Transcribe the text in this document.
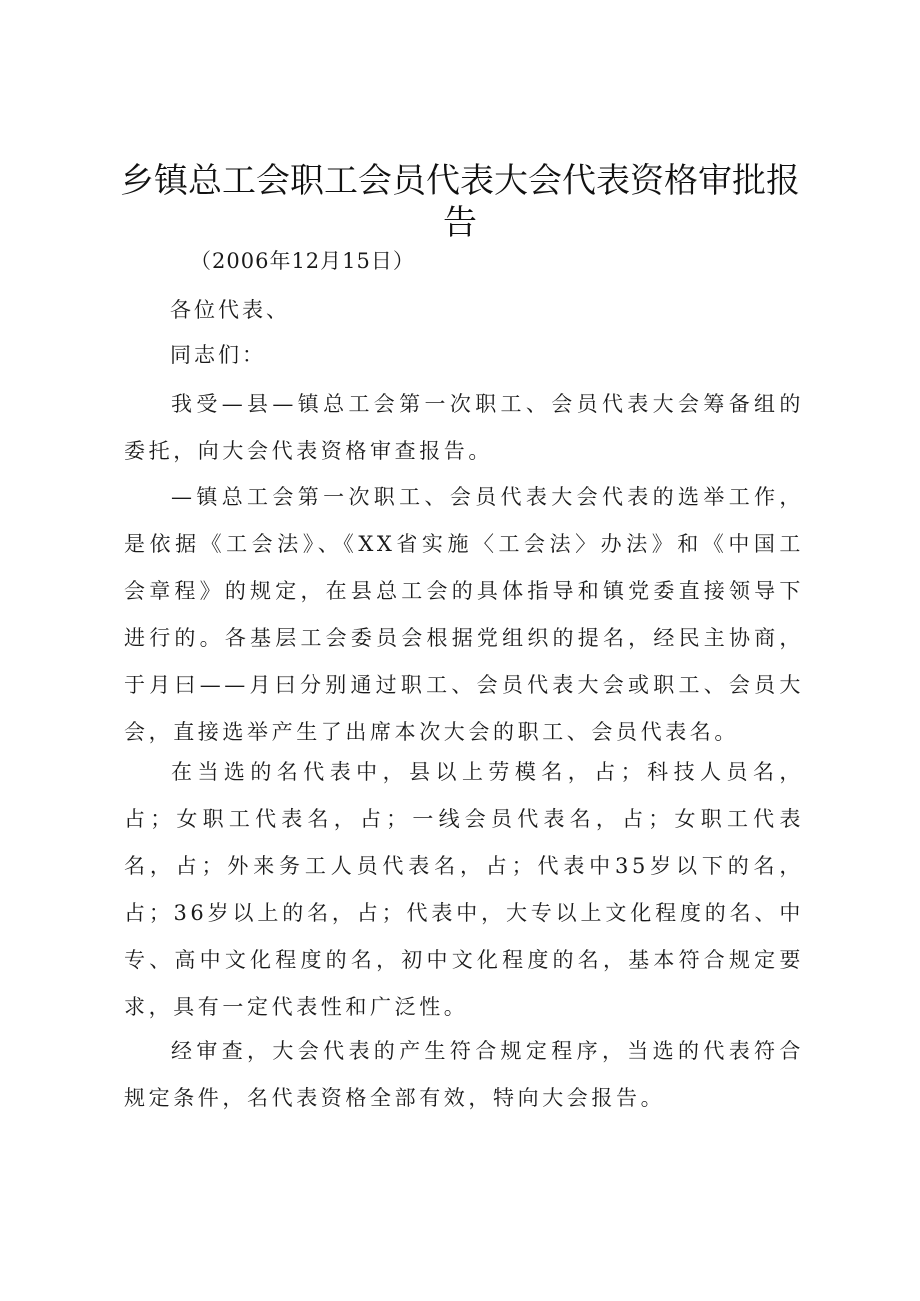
乡镇总工会职工会员代表大会代表资格审批报告
（2006年12月15日）
各位代表、
同志们：
我受—县—镇总工会第一次职工、会员代表大会筹备组的委托，向大会代表资格审查报告。
—镇总工会第一次职工、会员代表大会代表的选举工作，是依据《工会法》、《XX省实施〈工会法〉办法》和《中国工会章程》的规定，在县总工会的具体指导和镇党委直接领导下进行的。各基层工会委员会根据党组织的提名，经民主协商，于月曰——月曰分别通过职工、会员代表大会或职工、会员大会，直接选举产生了出席本次大会的职工、会员代表名。
在当选的名代表中，县以上劳模名，占；科技人员名，占；女职工代表名，占；一线会员代表名，占；女职工代表名，占；外来务工人员代表名，占；代表中35岁以下的名，占；36岁以上的名，占；代表中，大专以上文化程度的名、中专、高中文化程度的名，初中文化程度的名，基本符合规定要求，具有一定代表性和广泛性。
经审查，大会代表的产生符合规定程序，当选的代表符合规定条件，名代表资格全部有效，特向大会报告。
